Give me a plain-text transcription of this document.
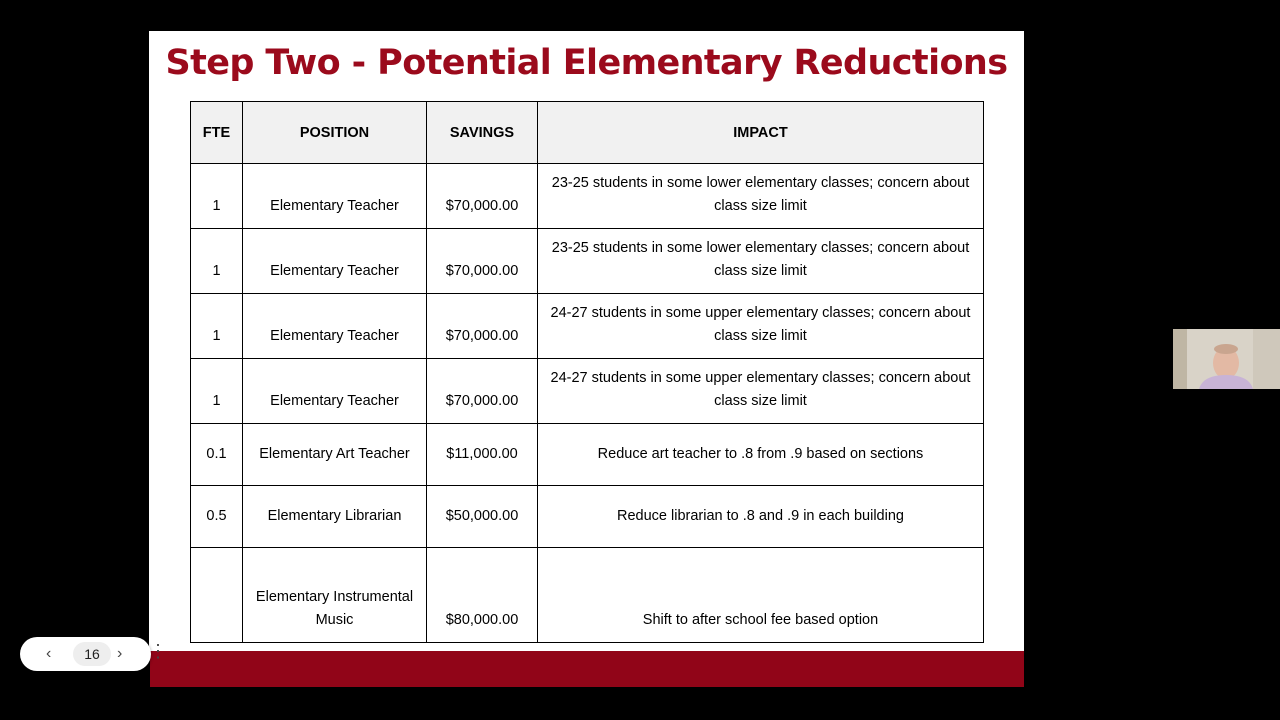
Step Two - Potential Elementary Reductions
FTE	POSITION	SAVINGS	IMPACT
1	Elementary Teacher	$70,000.00	23-25 students in some lower elementary classes; concern about class size limit
1	Elementary Teacher	$70,000.00	23-25 students in some lower elementary classes; concern about class size limit
1	Elementary Teacher	$70,000.00	24-27 students in some upper elementary classes; concern about class size limit
1	Elementary Teacher	$70,000.00	24-27 students in some upper elementary classes; concern about class size limit
0.1	Elementary Art Teacher	$11,000.00	Reduce art teacher to .8 from .9 based on sections
0.5	Elementary Librarian	$50,000.00	Reduce librarian to .8 and .9 in each building
	Elementary Instrumental Music	$80,000.00	Shift to after school fee based option
‹	16	› ⋮
